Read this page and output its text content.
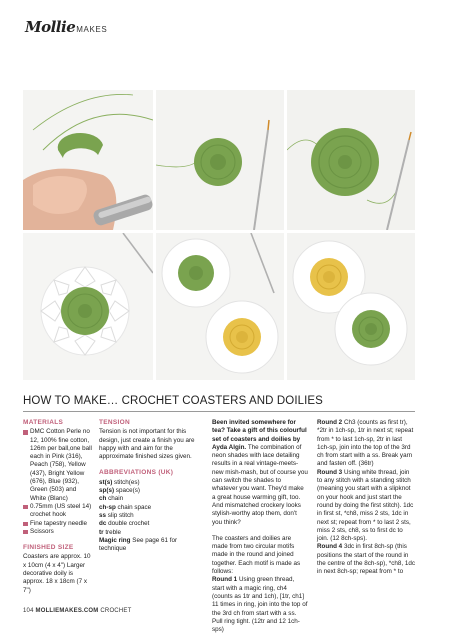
Mollie MAKES
HOW TO MAKE… CROCHET COASTERS AND DOILIES
MATERIALS
DMC Cotton Perle no 12, 100% fine cotton, 126m per ball,one ball each in Pink (316), Peach (758), Yellow (437), Bright Yellow (676), Blue (932), Green (503) and White (Blanc)
0.75mm (US steel 14) crochet hook
Fine tapestry needle
Scissors
FINISHED SIZE
Coasters are approx. 10 x 10cm (4 x 4") Larger decorative doily is approx. 18 x 18cm (7 x 7")
TENSION
Tension is not important for this design, just create a finish you are happy with and aim for the approximate finished sizes given.
ABBREVIATIONS (UK)
st(s) stitch(es)
sp(s) space(s)
ch chain
ch-sp chain space
ss slip stitch
dc double crochet
tr treble
Magic ring See page 61 for technique
Been invited somewhere for tea? Take a gift of this colourful set of coasters and doilies by Ayda Algin. The combination of neon shades with lace detailing results in a real vintage-meets-new mish-mash, but of course you can switch the shades to whatever you want. They'd make a great house warming gift, too. And mismatched crockery looks stylish-worthy atop them, don't you think?
The coasters and doilies are made from two circular motifs made in the round and joined together. Each motif is made as follows:
Round 1 Using green thread, start with a magic ring, ch4 (counts as 1tr and 1ch), [1tr, ch1] 11 times in ring, join into the top of the 3rd ch from start with a ss. Pull ring tight. (12tr and 12 1ch-sps)
Round 2 Ch3 (counts as first tr), *2tr in 1ch-sp, 1tr in next st; repeat from * to last 1ch-sp, 2tr in last 1ch-sp, join into the top of the 3rd ch from start with a ss. Break yarn and fasten off. (36tr)
Round 3 Using white thread, join to any stitch with a standing stitch (meaning you start with a slipknot on your hook and just start the round by doing the first stitch). 1dc in first st, *ch8, miss 2 sts, 1dc in next st; repeat from * to last 2 sts, miss 2 sts, ch8, ss to first dc to join. (12 8ch-sps).
Round 4 3dc in first 8ch-sp (this positions the start of the round in the centre of the 8ch-sp), *ch8, 1dc in next 8ch-sp; repeat from * to
104 MOLLIEMAKES.COM CROCHET
